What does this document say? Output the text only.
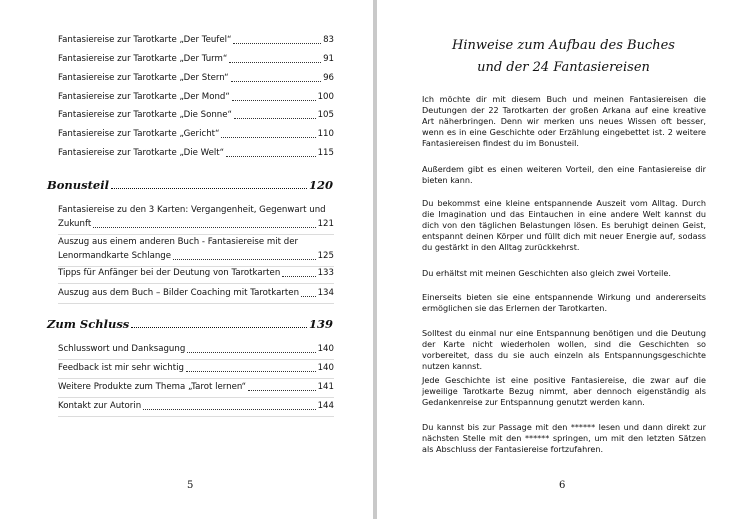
Fantasiereise zur Tarotkarte „Der Teufel“	83
Fantasiereise zur Tarotkarte „Der Turm“	91
Fantasiereise zur Tarotkarte „Der Stern“	96
Fantasiereise zur Tarotkarte „Der Mond“	100
Fantasiereise zur Tarotkarte „Die Sonne“	105
Fantasiereise zur Tarotkarte „Gericht“	110
Fantasiereise zur Tarotkarte „Die Welt“	115
Bonusteil	120
Fantasiereise zu den 3 Karten: Vergangenheit, Gegenwart und
Zukunft	121
Auszug aus einem anderen Buch - Fantasiereise mit der
Lenormandkarte Schlange	125
Tipps für Anfänger bei der Deutung von Tarotkarten	133
Auszug aus dem Buch – Bilder Coaching mit Tarotkarten 134
Zum Schluss	139
Schlusswort und Danksagung	140
Feedback ist mir sehr wichtig	140
Weitere Produkte zum Thema „Tarot lernen“	141
Kontakt zur Autorin	144
5
Hinweise zum Aufbau des Buches
und der 24 Fantasiereisen
Ich möchte dir mit diesem Buch und meinen Fantasiereisen die Deutungen der 22 Tarotkarten der großen Arkana auf eine kreative Art näherbringen. Denn wir merken uns neues Wissen oft besser, wenn es in eine Geschichte oder Erzählung eingebettet ist. 2 weitere Fantasiereisen findest du im Bonusteil.
Außerdem gibt es einen weiteren Vorteil, den eine Fantasiereise dir bieten kann.
Du bekommst eine kleine entspannende Auszeit vom Alltag. Durch die Imagination und das Eintauchen in eine andere Welt kannst du dich von den täglichen Belastungen lösen. Es beruhigt deinen Geist, entspannt deinen Körper und füllt dich mit neuer Energie auf, sodass du gestärkt in den Alltag zurückkehrst.
Du erhältst mit meinen Geschichten also gleich zwei Vorteile.
Einerseits bieten sie eine entspannende Wirkung und andererseits ermöglichen sie das Erlernen der Tarotkarten.
Solltest du einmal nur eine Entspannung benötigen und die Deutung der Karte nicht wiederholen wollen, sind die Geschichten so vorbereitet, dass du sie auch einzeln als Entspannungsgeschichte nutzen kannst.
Jede Geschichte ist eine positive Fantasiereise, die zwar auf die jeweilige Tarotkarte Bezug nimmt, aber dennoch eigenständig als Gedankenreise zur Entspannung genutzt werden kann.
Du kannst bis zur Passage mit den ****** lesen und dann direkt zur nächsten Stelle mit den ****** springen, um mit den letzten Sätzen als Abschluss der Fantasiereise fortzufahren.
6
